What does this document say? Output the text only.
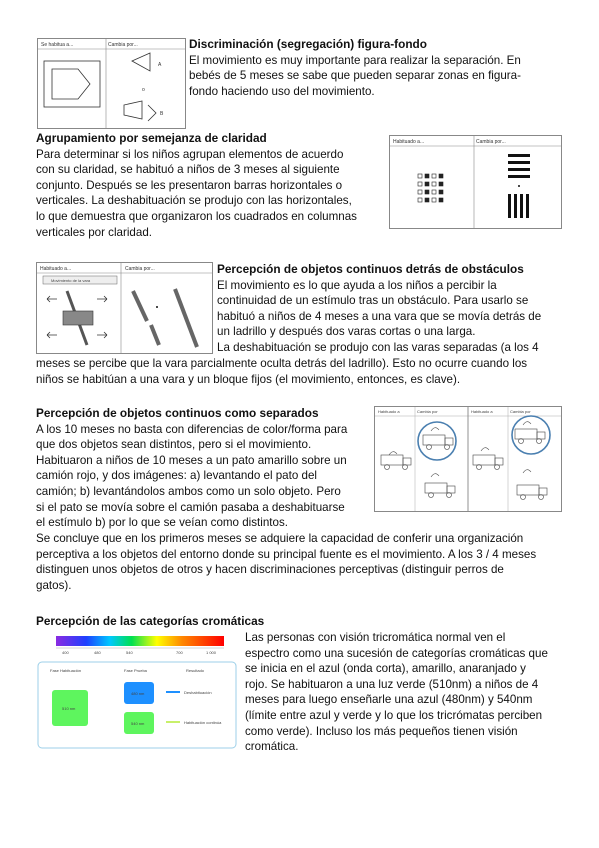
Se habitua a...	Cambia por...
A
o
B
Discriminación (segregación) figura-fondo

El movimiento es muy importante para realizar la separación. En

bebés de 5 meses se sabe que pueden separar zonas en figura-

fondo haciendo uso del movimiento.

Agrupamiento por semejanza de claridad

Para determinar si los niños agrupan elementos de acuerdo

con su claridad, se habituó a niños de 3 meses al siguiente

conjunto. Después se les presentaron barras horizontales o

verticales. La deshabituación se produjo con las horizontales,

lo que demuestra que organizaron los cuadrados en columnas

verticales por claridad.

Habituado a...	Cambia por...
Habituado a...	Cambia por...
Movimiento de la vara
Percepción de objetos continuos detrás de obstáculos

El movimiento es lo que ayuda a los niños a percibir la

continuidad de un estímulo tras un obstáculo. Para usarlo se

habituó a niños de 4 meses a una vara que se movía detrás de

un ladrillo y después dos varas cortas o una larga.

La deshabituación se produjo con las varas separadas (a los 4

meses se percibe que la vara parcialmente oculta detrás del ladrillo). Esto no ocurre cuando los

niños se habitúan a una vara y un bloque fijos (el movimiento, entonces, es clave).

Percepción de objetos continuos como separados

A los 10 meses no basta con diferencias de color/forma para

que dos objetos sean distintos, pero si el movimiento.

Habituaron a niños de 10 meses a un pato amarillo sobre un

camión rojo, y dos imágenes: a) levantando el pato del

camión; b) levantándolos ambos como un solo objeto. Pero

si el pato se movía sobre el camión pasaba a deshabituarse

el estímulo b) por lo que se veían como distintos.

Habituado a	Cambia por	Habituado a	Cambia por

Se concluye que en los primeros meses se adquiere la capacidad de conferir una organización

perceptiva a los objetos del entorno donde su principal fuente es el movimiento. A los 3 / 4 meses

distinguen unos objetos de otros y hacen discriminaciones perceptivas (distinguir perros de

gatos).

Percepción de las categorías cromáticas
400	480	540	700	1 000
Fase Habituación	Fase Prueba	Resultado
510 nm
480 nm
540 nm
Deshabituación
Habituación continúa

Las personas con visión tricromática normal ven el

espectro como una sucesión de categorías cromáticas que

se inicia en el azul (onda corta), amarillo, anaranjado y

rojo. Se habituaron a una luz verde (510nm) a niños de 4

meses para luego enseñarle una azul (480nm) y 540nm

(límite entre azul y verde y lo que los tricrómatas perciben

como verde). Incluso los más pequeños tienen visión

cromática.
